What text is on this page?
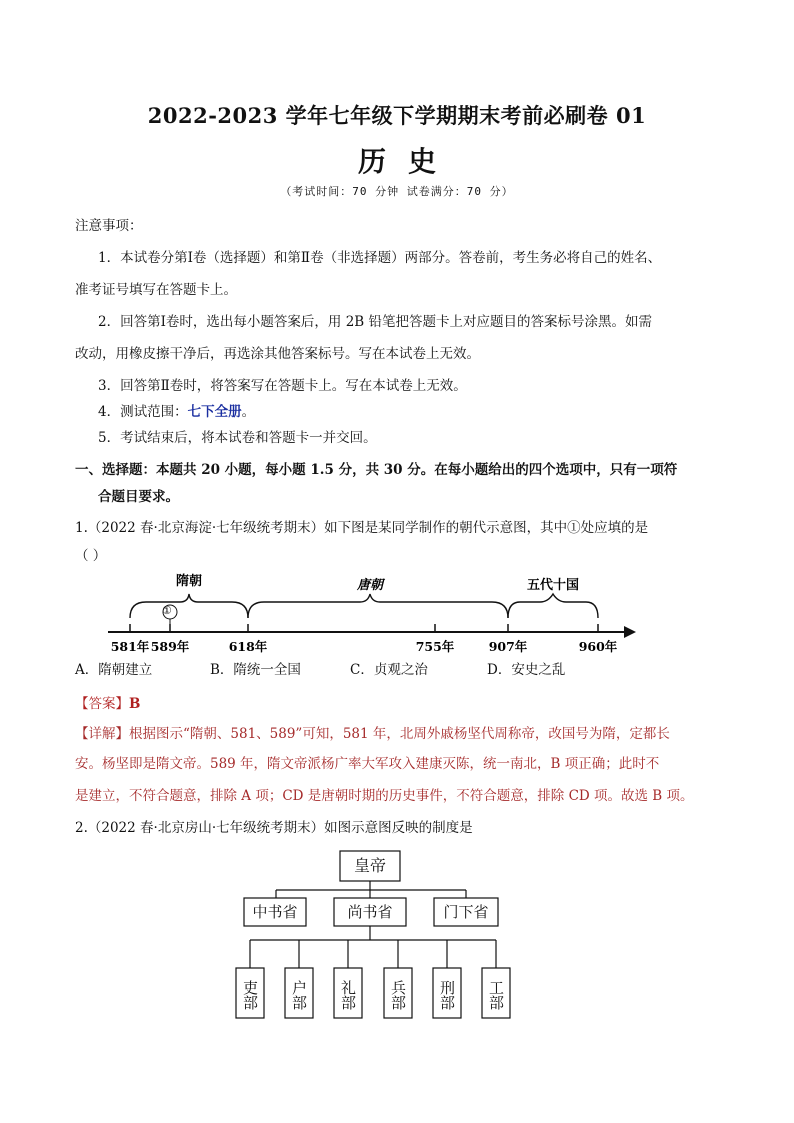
2022-2023 学年七年级下学期期末考前必刷卷 01
历史
（考试时间：70 分钟 试卷满分：70 分）
注意事项：
1．本试卷分第Ⅰ卷（选择题）和第Ⅱ卷（非选择题）两部分。答卷前，考生务必将自己的姓名、
准考证号填写在答题卡上。
2．回答第Ⅰ卷时，选出每小题答案后，用 2B 铅笔把答题卡上对应题目的答案标号涂黑。如需
改动，用橡皮擦干净后，再选涂其他答案标号。写在本试卷上无效。
3．回答第Ⅱ卷时，将答案写在答题卡上。写在本试卷上无效。
4．测试范围：七下全册。
5．考试结束后，将本试卷和答题卡一并交回。
一、选择题：本题共 20 小题，每小题 1.5 分，共 30 分。在每小题给出的四个选项中，只有一项符
合题目要求。
1.（2022 春·北京海淀·七年级统考期末）如下图是某同学制作的朝代示意图，其中①处应填的是
（ ）
隋朝	唐朝	五代十国
581年 589年	618年	755年	907年	960年
①
A．隋朝建立	B．隋统一全国	C．贞观之治	D．安史之乱
【答案】B
【详解】根据图示“隋朝、581、589”可知，581 年，北周外戚杨坚代周称帝，改国号为隋，定都长
安。杨坚即是隋文帝。589 年，隋文帝派杨广率大军攻入建康灭陈，统一南北，B 项正确；此时不
是建立，不符合题意，排除 A 项；CD 是唐朝时期的历史事件，不符合题意，排除 CD 项。故选 B 项。
2.（2022 春·北京房山·七年级统考期末）如图示意图反映的制度是
皇帝
中书省	尚书省	门下省
吏部	户部	礼部	兵部	刑部	工部
